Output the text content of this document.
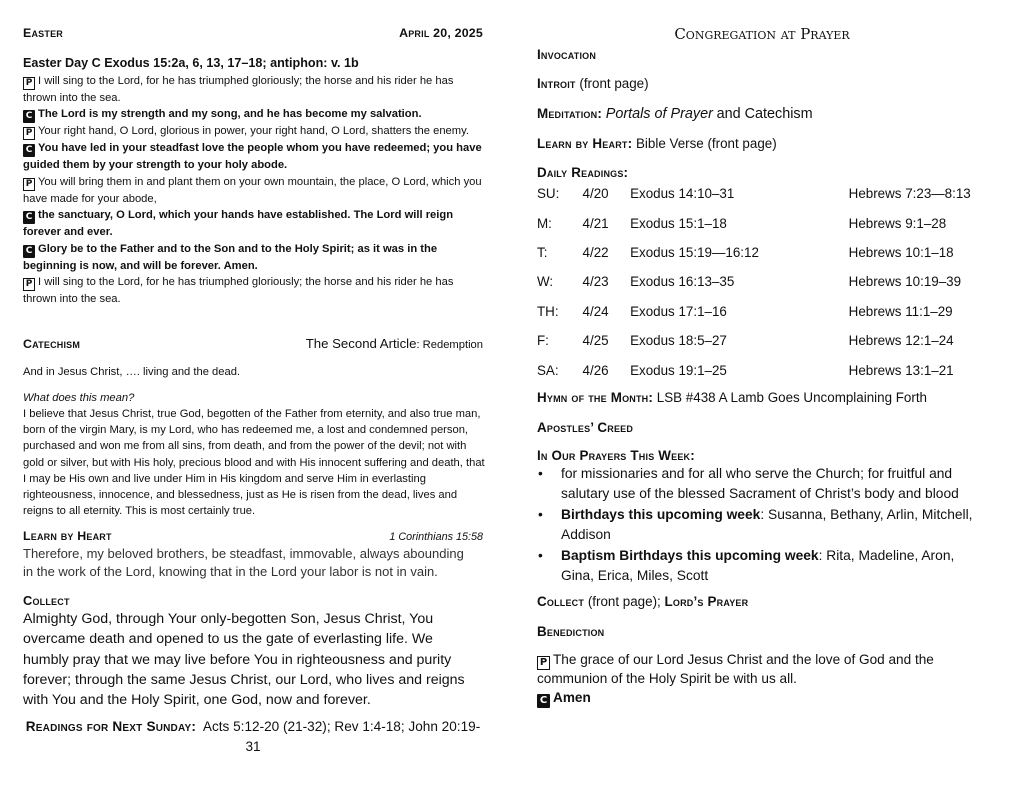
Easter	April 20, 2025
Easter Day C Exodus 15:2a, 6, 13, 17–18; antiphon: v. 1b

P I will sing to the Lord, for he has triumphed gloriously; the horse and his rider he has thrown into the sea.

C The Lord is my strength and my song, and he has become my salvation.

P Your right hand, O Lord, glorious in power, your right hand, O Lord, shatters the enemy.

C You have led in your steadfast love the people whom you have redeemed; you have guided them by your strength to your holy abode.

P You will bring them in and plant them on your own mountain, the place, O Lord, which you have made for your abode,

C the sanctuary, O Lord, which your hands have established. The Lord will reign forever and ever.

C Glory be to the Father and to the Son and to the Holy Spirit; as it was in the beginning is now, and will be forever. Amen.

P I will sing to the Lord, for he has triumphed gloriously; the horse and his rider he has thrown into the sea.

Catechism	The Second Article: Redemption
And in Jesus Christ, …. living and the dead.
What does this mean?
I believe that Jesus Christ, true God, begotten of the Father from eternity, and also true man, born of the virgin Mary, is my Lord, who has redeemed me, a lost and condemned person, purchased and won me from all sins, from death, and from the power of the devil; not with gold or silver, but with His holy, precious blood and with His innocent suffering and death, that I may be His own and live under Him in His kingdom and serve Him in everlasting righteousness, innocence, and blessedness, just as He is risen from the dead, lives and reigns to all eternity. This is most certainly true.
Learn by Heart	1 Corinthians 15:58
Therefore, my beloved brothers, be steadfast, immovable, always abounding in the work of the Lord, knowing that in the Lord your labor is not in vain.
Collect
Almighty God, through Your only-begotten Son, Jesus Christ, You overcame death and opened to us the gate of everlasting life. We humbly pray that we may live before You in righteousness and purity forever; through the same Jesus Christ, our Lord, who lives and reigns with You and the Holy Spirit, one God, now and forever.
Readings for Next Sunday: Acts 5:12-20 (21-32); Rev 1:4-18; John 20:19-31
Congregation at Prayer
Invocation
Introit (front page)
Meditation: Portals of Prayer and Catechism
Learn by Heart: Bible Verse (front page)
Daily Readings:
SU:	4/20	Exodus 14:10–31	Hebrews 7:23—8:13
M:	4/21	Exodus 15:1–18	Hebrews 9:1–28
T:	4/22	Exodus 15:19—16:12	Hebrews 10:1–18
W:	4/23	Exodus 16:13–35	Hebrews 10:19–39
TH:	4/24	Exodus 17:1–16	Hebrews 11:1–29
F:	4/25	Exodus 18:5–27	Hebrews 12:1–24
SA:	4/26	Exodus 19:1–25	Hebrews 13:1–21
Hymn of the Month: LSB #438 A Lamb Goes Uncomplaining Forth
Apostles’ Creed
In Our Prayers This Week:
• for missionaries and for all who serve the Church; for fruitful and salutary use of the blessed Sacrament of Christ’s body and blood
• Birthdays this upcoming week: Susanna, Bethany, Arlin, Mitchell, Addison
• Baptism Birthdays this upcoming week: Rita, Madeline, Aron, Gina, Erica, Miles, Scott
Collect (front page); Lord’s Prayer
Benediction
P The grace of our Lord Jesus Christ and the love of God and the communion of the Holy Spirit be with us all.
C Amen
